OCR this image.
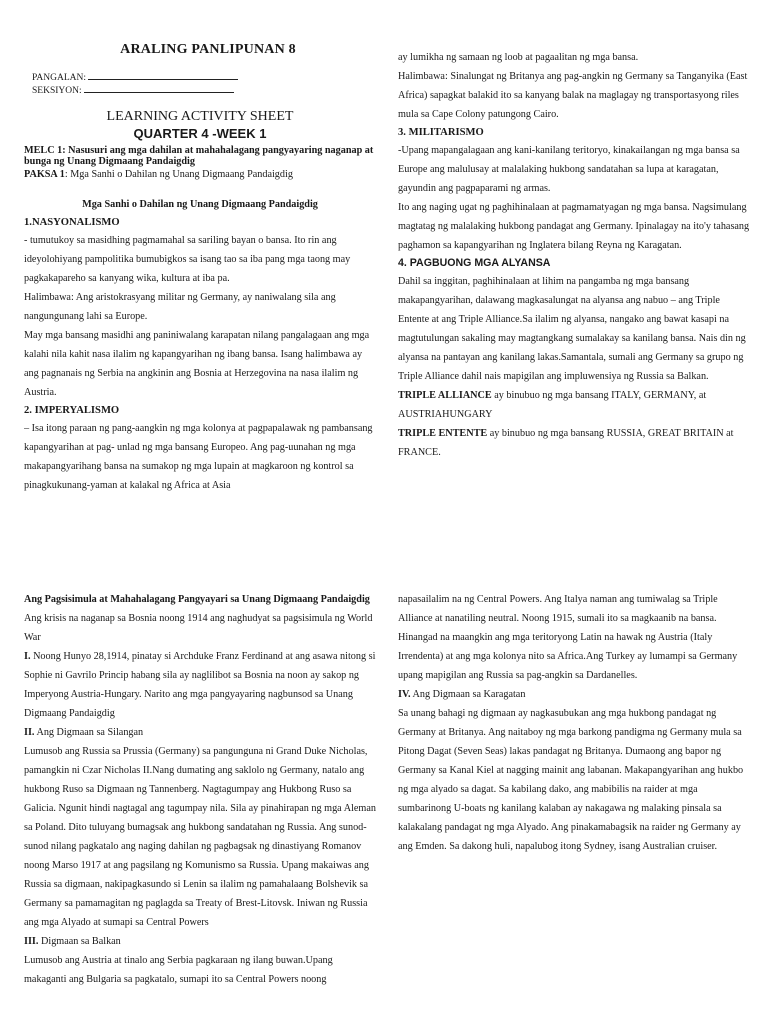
ARALING PANLIPUNAN 8

PANGALAN:
SEKSIYON:

LEARNING ACTIVITY SHEET

QUARTER 4 -WEEK 1

MELC 1: Nasusuri ang mga dahilan at mahahalagang pangyayaring naganap at bunga ng Unang Digmaang Pandaigdig

PAKSA 1: Mga Sanhi o Dahilan ng Unang Digmaang Pandaigdig

Mga Sanhi o Dahilan ng Unang Digmaang Pandaigdig

1.NASYONALISMO

- tumutukoy sa masidhing pagmamahal sa sariling bayan o bansa. Ito rin ang ideyolohiyang pampolitika bumubigkos sa isang tao sa iba pang mga taong may pagkakapareho sa kanyang wika, kultura at iba pa.

Halimbawa: Ang aristokrasyang militar ng Germany, ay naniwalang sila ang nangungunang lahi sa Europe.

May mga bansang masidhi ang paniniwalang karapatan nilang pangalagaan ang mga kalahi nila kahit nasa ilalim ng kapangyarihan ng ibang bansa. Isang halimbawa ay ang pagnanais ng Serbia na angkinin ang Bosnia at Herzegovina na nasa ilalim ng Austria.

2. IMPERYALISMO

– Isa itong paraan ng pang-aangkin ng mga kolonya at pagpapalawak ng pambansang kapangyarihan at pag- unlad ng mga bansang Europeo. Ang pag-uunahan ng mga makapangyarihang bansa na sumakop ng mga lupain at magkaroon ng kontrol sa pinagkukunang-yaman at kalakal ng Africa at Asia

ay lumikha ng samaan ng loob at pagaalitan ng mga bansa.

Halimbawa: Sinalungat ng Britanya ang pag-angkin ng Germany sa Tanganyika (East Africa) sapagkat balakid ito sa kanyang balak na maglagay ng transportasyong riles mula sa Cape Colony patungong Cairo.

3. MILITARISMO

-Upang mapangalagaan ang kani-kanilang teritoryo, kinakailangan ng mga bansa sa Europe ang malulusay at malalaking hukbong sandatahan sa lupa at karagatan, gayundin ang pagpaparami ng armas.

Ito ang naging ugat ng paghihinalaan at pagmamatyagan ng mga bansa. Nagsimulang magtatag ng malalaking hukbong pandagat ang Germany. Ipinalagay na ito'y tahasang paghamon sa kapangyarihan ng Inglatera bilang Reyna ng Karagatan.

4. PAGBUONG MGA ALYANSA

Dahil sa inggitan, paghihinalaan at lihim na pangamba ng mga bansang makapangyarihan, dalawang magkasalungat na alyansa ang nabuo – ang Triple Entente at ang Triple Alliance.Sa ilalim ng alyansa, nangako ang bawat kasapi na magtutulungan sakaling may magtangkang sumalakay sa kanilang bansa. Nais din ng alyansa na pantayan ang kanilang lakas.Samantala, sumali ang Germany sa grupo ng Triple Alliance dahil nais mapigilan ang impluwensiya ng Russia sa Balkan.

TRIPLE ALLIANCE ay binubuo ng mga bansang ITALY, GERMANY, at AUSTRIAHUNGARY

TRIPLE ENTENTE ay binubuo ng mga bansang RUSSIA, GREAT BRITAIN at FRANCE.

Ang Pagsisimula at Mahahalagang Pangyayari sa Unang Digmaang Pandaigdig

Ang krisis na naganap sa Bosnia noong 1914 ang naghudyat sa pagsisimula ng World War

I. Noong Hunyo 28,1914, pinatay si Archduke Franz Ferdinand at ang asawa nitong si Sophie ni Gavrilo Princip habang sila ay naglilibot sa Bosnia na noon ay sakop ng Imperyong Austria-Hungary. Narito ang mga pangyayaring nagbunsod sa Unang Digmaang Pandaigdig

II. Ang Digmaan sa Silangan

Lumusob ang Russia sa Prussia (Germany) sa pangunguna ni Grand Duke Nicholas, pamangkin ni Czar Nicholas II.Nang dumating ang saklolo ng Germany, natalo ang hukbong Ruso sa Digmaan ng Tannenberg. Nagtagumpay ang Hukbong Ruso sa Galicia. Ngunit hindi nagtagal ang tagumpay nila. Sila ay pinahirapan ng mga Aleman sa Poland. Dito tuluyang bumagsak ang hukbong sandatahan ng Russia. Ang sunod-sunod nilang pagkatalo ang naging dahilan ng pagbagsak ng dinastiyang Romanov noong Marso 1917 at ang pagsilang ng Komunismo sa Russia. Upang makaiwas ang Russia sa digmaan, nakipagkasundo si Lenin sa ilalim ng pamahalaang Bolshevik sa Germany sa pamamagitan ng paglagda sa Treaty of Brest-Litovsk. Iniwan ng Russia ang mga Alyado at sumapi sa Central Powers

III. Digmaan sa Balkan

Lumusob ang Austria at tinalo ang Serbia pagkaraan ng ilang buwan.Upang makaganti ang Bulgaria sa pagkatalo, sumapi ito sa Central Powers noong

napasailalim na ng Central Powers. Ang Italya naman ang tumiwalag sa Triple Alliance at nanatiling neutral. Noong 1915, sumali ito sa magkaanib na bansa. Hinangad na maangkin ang mga teritoryong Latin na hawak ng Austria (Italy Irrendenta) at ang mga kolonya nito sa Africa.Ang Turkey ay lumampi sa Germany upang mapigilan ang Russia sa pag-angkin sa Dardanelles.

IV. Ang Digmaan sa Karagatan

Sa unang bahagi ng digmaan ay nagkasubukan ang mga hukbong pandagat ng Germany at Britanya. Ang naitaboy ng mga barkong pandigma ng Germany mula sa Pitong Dagat (Seven Seas) lakas pandagat ng Britanya. Dumaong ang bapor ng Germany sa Kanal Kiel at nagging mainit ang labanan. Makapangyarihan ang hukbo ng mga alyado sa dagat. Sa kabilang dako, ang mabibilis na raider at mga sumbarinong U-boats ng kanilang kalaban ay nakagawa ng malaking pinsala sa kalakalang pandagat ng mga Alyado. Ang pinakamabagsik na raider ng Germany ay ang Emden. Sa dakong huli, napalubog itong Sydney, isang Australian cruiser.
